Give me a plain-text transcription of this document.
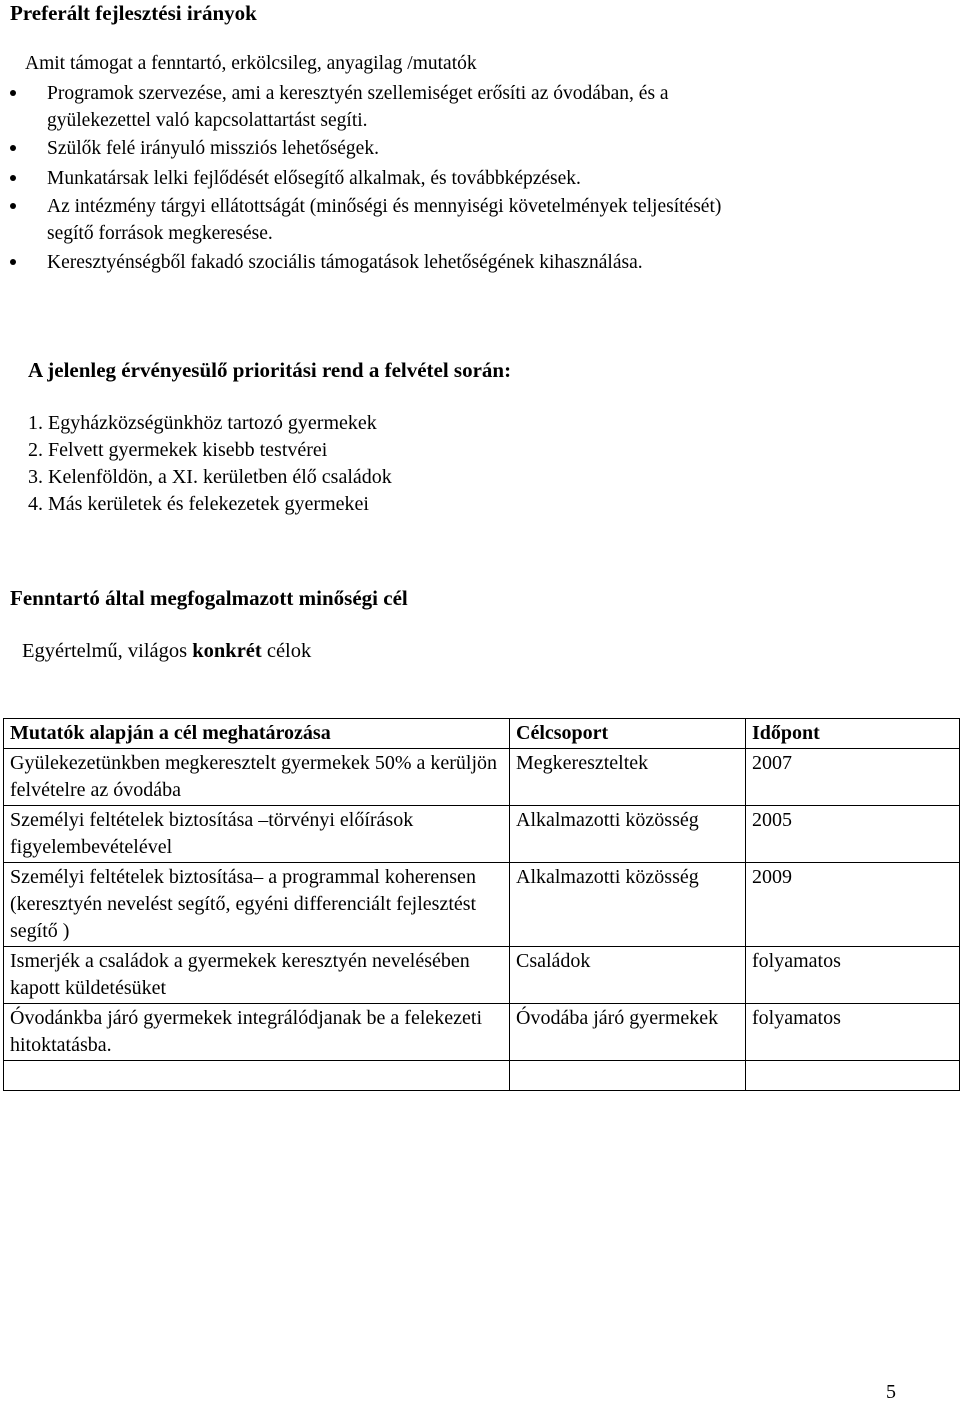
Preferált fejlesztési irányok
Amit támogat a fenntartó, erkölcsileg, anyagilag /mutatók
Programok szervezése, ami a keresztyén szellemiséget erősíti az óvodában, és a
gyülekezettel való kapcsolattartást segíti.
Szülők felé irányuló missziós lehetőségek.
Munkatársak lelki fejlődését elősegítő alkalmak, és továbbképzések.
Az intézmény tárgyi ellátottságát (minőségi és mennyiségi követelmények teljesítését)
segítő források megkeresése.
Keresztyénségből fakadó szociális támogatások lehetőségének kihasználása.
A jelenleg érvényesülő prioritási rend a felvétel során:
1. Egyházközségünkhöz tartozó gyermekek
2. Felvett gyermekek kisebb testvérei
3. Kelenföldön, a XI. kerületben élő családok
4. Más kerületek és felekezetek gyermekei
Fenntartó által megfogalmazott minőségi cél
Egyértelmű, világos konkrét célok
Mutatók alapján a cél meghatározása	Célcsoport	Időpont
Gyülekezetünkben megkeresztelt gyermekek 50% a kerüljön felvételre az óvodába	Megkereszteltek	2007
Személyi feltételek biztosítása –törvényi előírások figyelembevételével	Alkalmazotti közösség	2005
Személyi feltételek biztosítása– a programmal koherensen (keresztyén nevelést segítő, egyéni differenciált fejlesztést segítő )	Alkalmazotti közösség	2009
Ismerjék a családok a gyermekek keresztyén nevelésében kapott küldetésüket	Családok	folyamatos
Óvodánkba járó gyermekek integrálódjanak be a felekezeti hitoktatásba.	Óvodába járó gyermekek	folyamatos

5
